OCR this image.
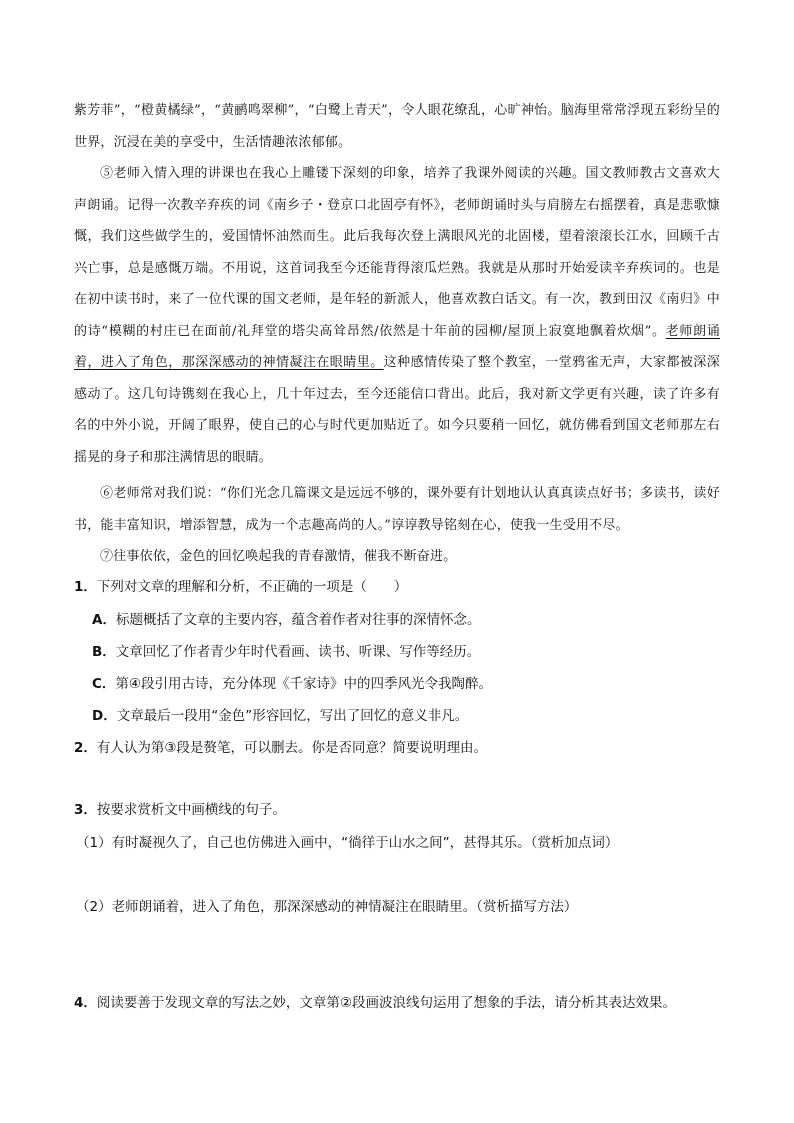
紫芳菲”，“橙黄橘绿”，“黄鹂鸣翠柳”，“白鹭上青天”，令人眼花缭乱，心旷神怡。脑海里常常浮现五彩纷呈的世界，沉浸在美的享受中，生活情趣浓浓郁郁。
⑤老师入情入理的讲课也在我心上雕镂下深刻的印象，培养了我课外阅读的兴趣。国文教师教古文喜欢大声朗诵。记得一次教辛弃疾的词《南乡子・登京口北固亭有怀》，老师朗诵时头与肩膀左右摇摆着，真是悲歌慷慨，我们这些做学生的，爱国情怀油然而生。此后我每次登上满眼风光的北固楼，望着滚滚长江水，回顾千古兴亡事，总是感慨万端。不用说，这首词我至今还能背得滚瓜烂熟。我就是从那时开始爱读辛弃疾词的。也是在初中读书时，来了一位代课的国文老师，是年轻的新派人，他喜欢教白话文。有一次，教到田汉《南归》中的诗“模糊的村庄已在面前/礼拜堂的塔尖高耸昂然/依然是十年前的园柳/屋顶上寂寞地飘着炊烟”。老师朗诵着，进入了角色，那深深感动的神情凝注在眼睛里。这种感情传染了整个教室，一堂鸦雀无声，大家都被深深感动了。这几句诗镌刻在我心上，几十年过去，至今还能信口背出。此后，我对新文学更有兴趣，读了许多有名的中外小说，开阔了眼界，使自己的心与时代更加贴近了。如今只要稍一回忆，就仿佛看到国文老师那左右摇晃的身子和那注满情思的眼睛。
⑥老师常对我们说：“你们光念几篇课文是远远不够的，课外要有计划地认认真真读点好书；多读书，读好书，能丰富知识，增添智慧，成为一个志趣高尚的人。”谆谆教导铭刻在心，使我一生受用不尽。
⑦往事依依，金色的回忆唤起我的青春激情，催我不断奋进。
1．下列对文章的理解和分析，不正确的一项是（　　）
A．标题概括了文章的主要内容，蕴含着作者对往事的深情怀念。
B．文章回忆了作者青少年时代看画、读书、听课、写作等经历。
C．第④段引用古诗，充分体现《千家诗》中的四季风光令我陶醉。
D．文章最后一段用“金色”形容回忆，写出了回忆的意义非凡。
2．有人认为第③段是赘笔，可以删去。你是否同意？简要说明理由。
3．按要求赏析文中画横线的句子。
（1）有时凝视久了，自己也仿佛进入画中，“徜徉于山水之间”，甚得其乐。（赏析加点词）
（2）老师朗诵着，进入了角色，那深深感动的神情凝注在眼睛里。（赏析描写方法）
4．阅读要善于发现文章的写法之妙，文章第②段画波浪线句运用了想象的手法，请分析其表达效果。
